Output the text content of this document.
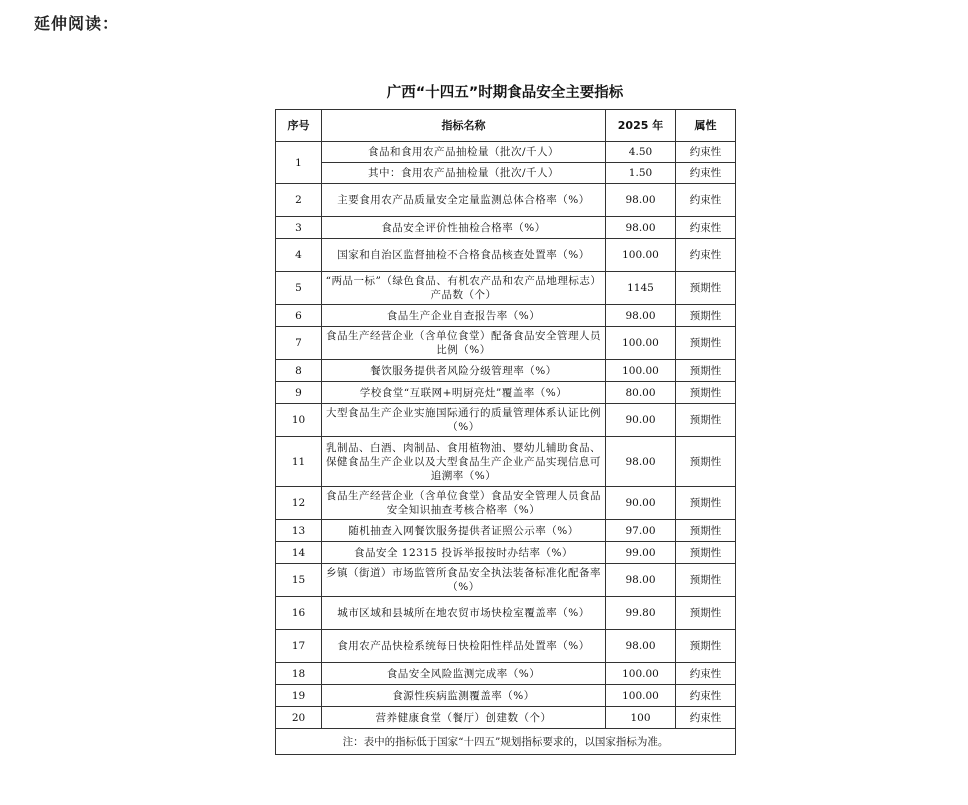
延伸阅读：
广西“十四五”时期食品安全主要指标
序号	指标名称	2025 年	属性
1	食品和食用农产品抽检量（批次/千人）	4.50	约束性
	其中：食用农产品抽检量（批次/千人）	1.50	约束性
2	主要食用农产品质量安全定量监测总体合格率（%）	98.00	约束性
3	食品安全评价性抽检合格率（%）	98.00	约束性
4	国家和自治区监督抽检不合格食品核查处置率（%）	100.00	约束性
5	“两品一标”（绿色食品、有机农产品和农产品地理标志）产品数（个）	1145	预期性
6	食品生产企业自查报告率（%）	98.00	预期性
7	食品生产经营企业（含单位食堂）配备食品安全管理人员比例（%）	100.00	预期性
8	餐饮服务提供者风险分级管理率（%）	100.00	预期性
9	学校食堂“互联网+明厨亮灶”覆盖率（%）	80.00	预期性
10	大型食品生产企业实施国际通行的质量管理体系认证比例（%）	90.00	预期性
11	乳制品、白酒、肉制品、食用植物油、婴幼儿辅助食品、保健食品生产企业以及大型食品生产企业产品实现信息可追溯率（%）	98.00	预期性
12	食品生产经营企业（含单位食堂）食品安全管理人员食品安全知识抽查考核合格率（%）	90.00	预期性
13	随机抽查入网餐饮服务提供者证照公示率（%）	97.00	预期性
14	食品安全 12315 投诉举报按时办结率（%）	99.00	预期性
15	乡镇（街道）市场监管所食品安全执法装备标准化配备率（%）	98.00	预期性
16	城市区域和县城所在地农贸市场快检室覆盖率（%）	99.80	预期性
17	食用农产品快检系统每日快检阳性样品处置率（%）	98.00	预期性
18	食品安全风险监测完成率（%）	100.00	约束性
19	食源性疾病监测覆盖率（%）	100.00	约束性
20	营养健康食堂（餐厅）创建数（个）	100	约束性
注：表中的指标低于国家“十四五”规划指标要求的，以国家指标为准。			
